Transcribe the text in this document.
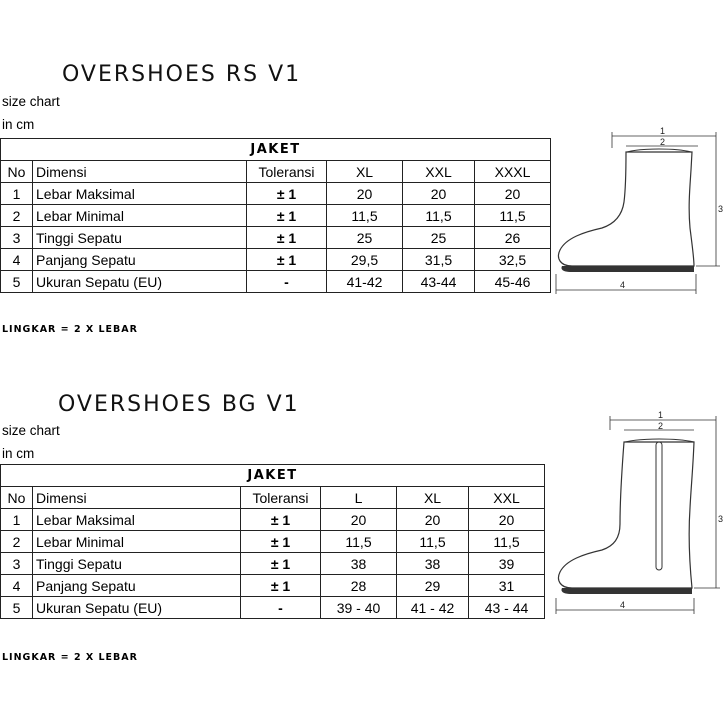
OVERSHOES RS V1
size chart
in cm
JAKET					
No	Dimensi	Toleransi	XL	XXL	XXXL
1	Lebar Maksimal	± 1	20	20	20
2	Lebar Minimal	± 1	11,5	11,5	11,5
3	Tinggi Sepatu	± 1	25	25	26
4	Panjang Sepatu	± 1	29,5	31,5	32,5
5	Ukuran Sepatu (EU)	-	41-42	43-44	45-46
LINGKAR = 2 X LEBAR
1
2
3
4
OVERSHOES BG V1
size chart
in cm
JAKET					
No	Dimensi	Toleransi	L	XL	XXL
1	Lebar Maksimal	± 1	20	20	20
2	Lebar Minimal	± 1	11,5	11,5	11,5
3	Tinggi Sepatu	± 1	38	38	39
4	Panjang Sepatu	± 1	28	29	31
5	Ukuran Sepatu (EU)	-	39 - 40	41 - 42	43 - 44
LINGKAR = 2 X LEBAR
1
2
3
4
